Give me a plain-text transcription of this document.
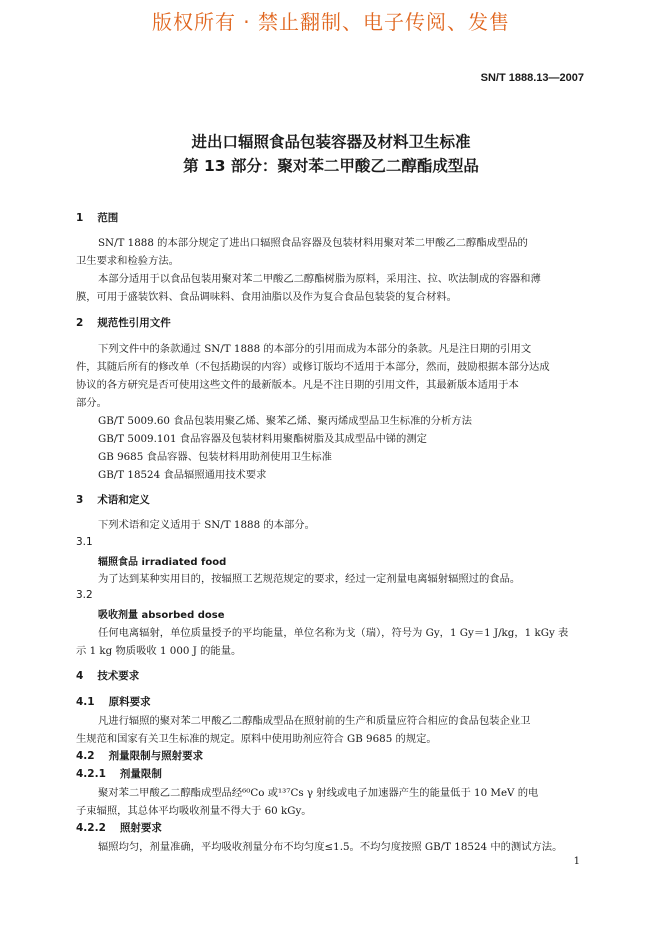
版权所有 · 禁止翻制、电子传阅、发售
SN/T 1888.13—2007
进出口辐照食品包装容器及材料卫生标准
第 13 部分：聚对苯二甲酸乙二醇酯成型品
1 范围
SN/T 1888 的本部分规定了进出口辐照食品容器及包装材料用聚对苯二甲酸乙二醇酯成型品的
卫生要求和检验方法。
本部分适用于以食品包装用聚对苯二甲酸乙二醇酯树脂为原料，采用注、拉、吹法制成的容器和薄
膜，可用于盛装饮料、食品调味料、食用油脂以及作为复合食品包装袋的复合材料。
2 规范性引用文件
下列文件中的条款通过 SN/T 1888 的本部分的引用而成为本部分的条款。凡是注日期的引用文
件，其随后所有的修改单（不包括勘误的内容）或修订版均不适用于本部分，然而，鼓励根据本部分达成
协议的各方研究是否可使用这些文件的最新版本。凡是不注日期的引用文件，其最新版本适用于本
部分。
GB/T 5009.60 食品包装用聚乙烯、聚苯乙烯、聚丙烯成型品卫生标准的分析方法
GB/T 5009.101 食品容器及包装材料用聚酯树脂及其成型品中锑的测定
GB 9685 食品容器、包装材料用助剂使用卫生标准
GB/T 18524 食品辐照通用技术要求
3 术语和定义
下列术语和定义适用于 SN/T 1888 的本部分。
3.1
辐照食品 irradiated food
为了达到某种实用目的，按辐照工艺规范规定的要求，经过一定剂量电离辐射辐照过的食品。
3.2
吸收剂量 absorbed dose
任何电离辐射，单位质量授予的平均能量，单位名称为戈（瑞），符号为 Gy，1 Gy＝1 J/kg，1 kGy 表
示 1 kg 物质吸收 1 000 J 的能量。
4 技术要求
4.1 原料要求
凡进行辐照的聚对苯二甲酸乙二醇酯成型品在照射前的生产和质量应符合相应的食品包装企业卫
生规范和国家有关卫生标准的规定。原料中使用助剂应符合 GB 9685 的规定。
4.2 剂量限制与照射要求
4.2.1 剂量限制
聚对苯二甲酸乙二醇酯成型品经⁶⁰Co 或¹³⁷Cs γ 射线或电子加速器产生的能量低于 10 MeV 的电
子束辐照，其总体平均吸收剂量不得大于 60 kGy。
4.2.2 照射要求
辐照均匀，剂量准确，平均吸收剂量分布不均匀度≤1.5。不均匀度按照 GB/T 18524 中的测试方法。
1
